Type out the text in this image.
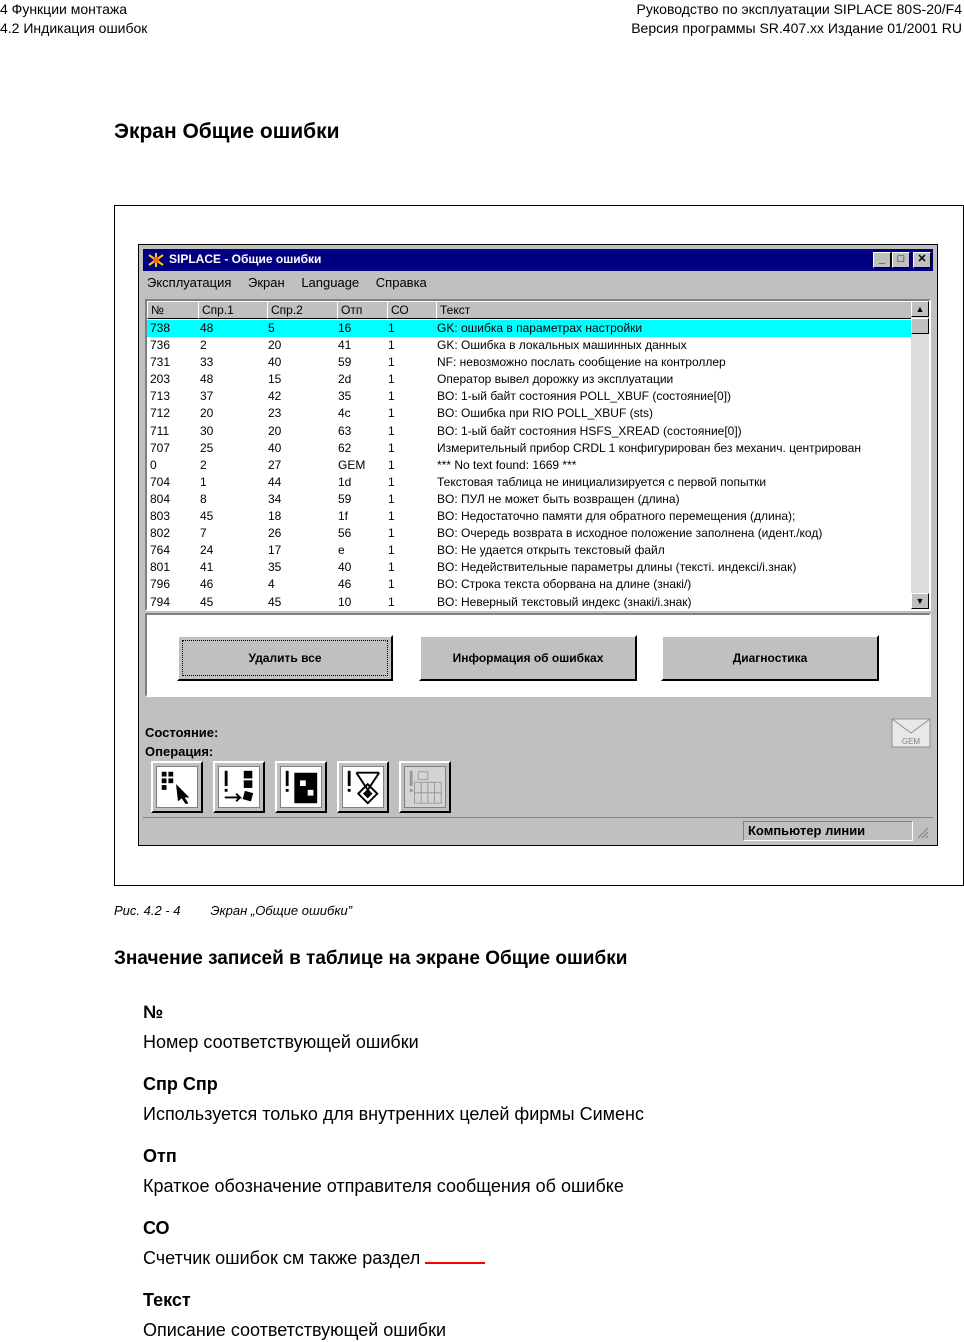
4 Функции монтажа
4.2 Индикация ошибок
Руководство по эксплуатации SIPLACE 80S-20/F4
Версия программы SR.407.xx Издание 01/2001 RU
Экран Общие ошибки
SIPLACE - Общие ошибки	_	□	✕
Эксплуатация Экран Language Справка
№	Спр.1	Спр.2	Отп	СО	Текст
738	48	5	16	1	GK: ошибка в параметрах настройки
736	2	20	41	1	GK: Ошибка в локальных машинных данных
731	33	40	59	1	NF: невозможно послать сообщение на контроллер
203	48	15	2d	1	Оператор вывел дорожку из эксплуатации
713	37	42	35	1	BO: 1-ый байт состояния POLL_XBUF (состояние[0])
712	20	23	4c	1	BO: Ошибка при RIO POLL_XBUF (sts)
711	30	20	63	1	BO: 1-ый байт состояния HSFS_XREAD (состояние[0])
707	25	40	62	1	Измерительный прибор CRDL 1 конфигурирован без механич. центрирован
0	2	27	GEM	1	*** No text found: 1669 ***
704	1	44	1d	1	Текстовая таблица не инициализируется с первой попытки
804	8	34	59	1	BO: ПУЛ не может быть возвращен (длина)
803	45	18	1f	1	BO: Недостаточно памяти для обратного перемещения (длина);
802	7	26	56	1	BO: Очередь возврата в исходное положение заполнена (идент./код)
764	24	17	e	1	BO: Не удается открыть текстовый файл
801	41	35	40	1	BO: Недействительные параметры длины (тексті. индексі/і.знак)
796	46	4	46	1	BO: Строка текста оборвана на длине (знакі/)
794	45	45	10	1	BO: Неверный текстовый индекс (знакі/і.знак)
▲
▼
Удалить все	Информация об ошибках	Диагностика
Состояние:
Операция:
GEM
Компьютер линии
Рис. 4.2 - 4 Экран „Общие ошибки”
Значение записей в таблице на экране Общие ошибки
№
Номер соответствующей ошибки
Спр Спр
Используется только для внутренних целей фирмы Сименс
Отп
Краткое обозначение отправителя сообщения об ошибке
СО
Счетчик ошибок см также раздел
Текст
Описание соответствующей ошибки
